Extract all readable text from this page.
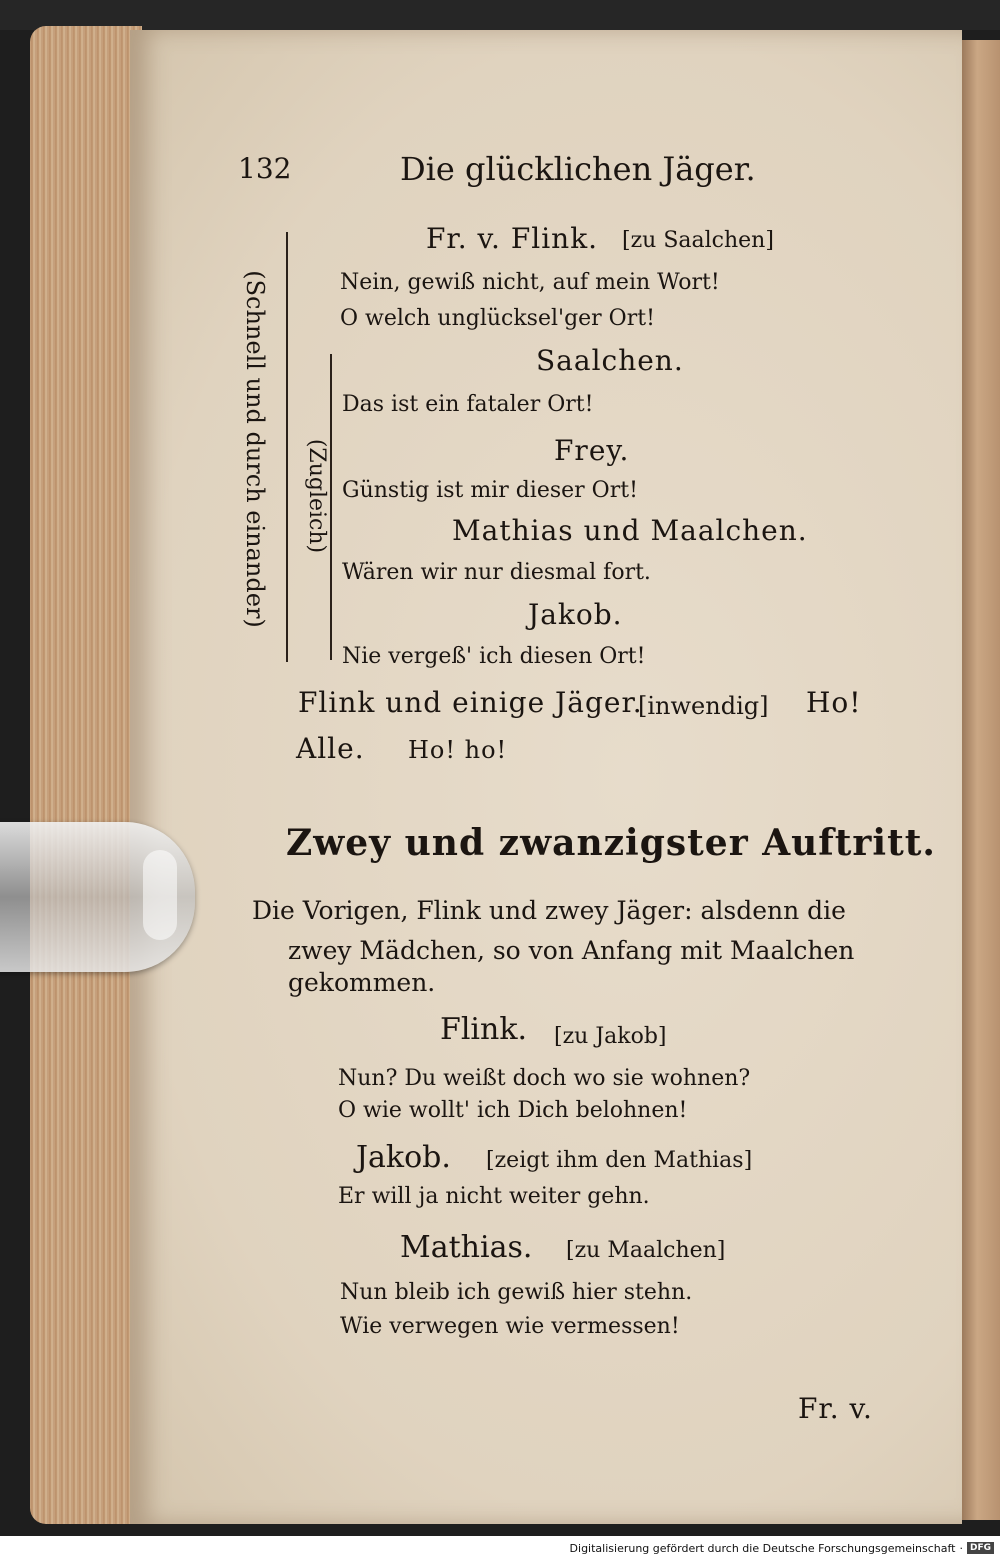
132	Die glücklichen Jäger.
(Schnell und durch einander) (Zugleich)
Fr. v. Flink. [zu Saalchen]
Nein, gewiß nicht, auf mein Wort!
O welch unglücksel'ger Ort!
Saalchen.
Das ist ein fataler Ort!
Frey.
Günstig ist mir dieser Ort!
Mathias und Maalchen.
Wären wir nur diesmal fort.
Jakob.
Nie vergeß' ich diesen Ort!
Flink und einige Jäger.
[inwendig] Ho!
Alle. Ho! ho!
Zwey und zwanzigster Auftritt.
Die Vorigen, Flink und zwey Jäger: alsdenn die
zwey Mädchen, so von Anfang mit Maalchen
gekommen.
Flink. [zu Jakob]
Nun? Du weißt doch wo sie wohnen?
O wie wollt' ich Dich belohnen!
Jakob. [zeigt ihm den Mathias]
Er will ja nicht weiter gehn.
Mathias. [zu Maalchen]
Nun bleib ich gewiß hier stehn.
Wie verwegen wie vermessen!
Fr. v.
Digitalisierung gefördert durch die Deutsche Forschungsgemeinschaft · DFG
